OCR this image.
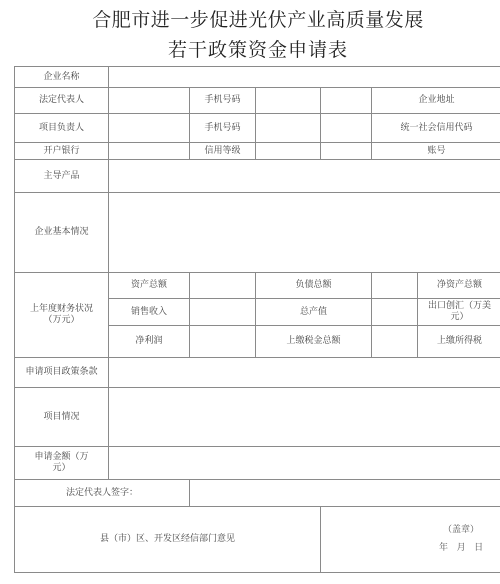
合肥市进一步促进光伏产业高质量发展
若干政策资金申请表
企业名称							
法定代表人		手机号码			企业地址		
项目负责人		手机号码			统一社会信用代码		
开户银行		信用等级			账号		
主导产品							
企业基本情况							
上年度财务状况（万元）	资产总额		负债总额			净资产总额	
	销售收入		总产值			出口创汇（万美元）	
	净利润		上缴税金总额			上缴所得税	
申请项目政策条款							
项目情况							
申请金额（万元）							
法定代表人签字：							
县（市）区、开发区经信部门意见				（盖章）
年   月   日			
